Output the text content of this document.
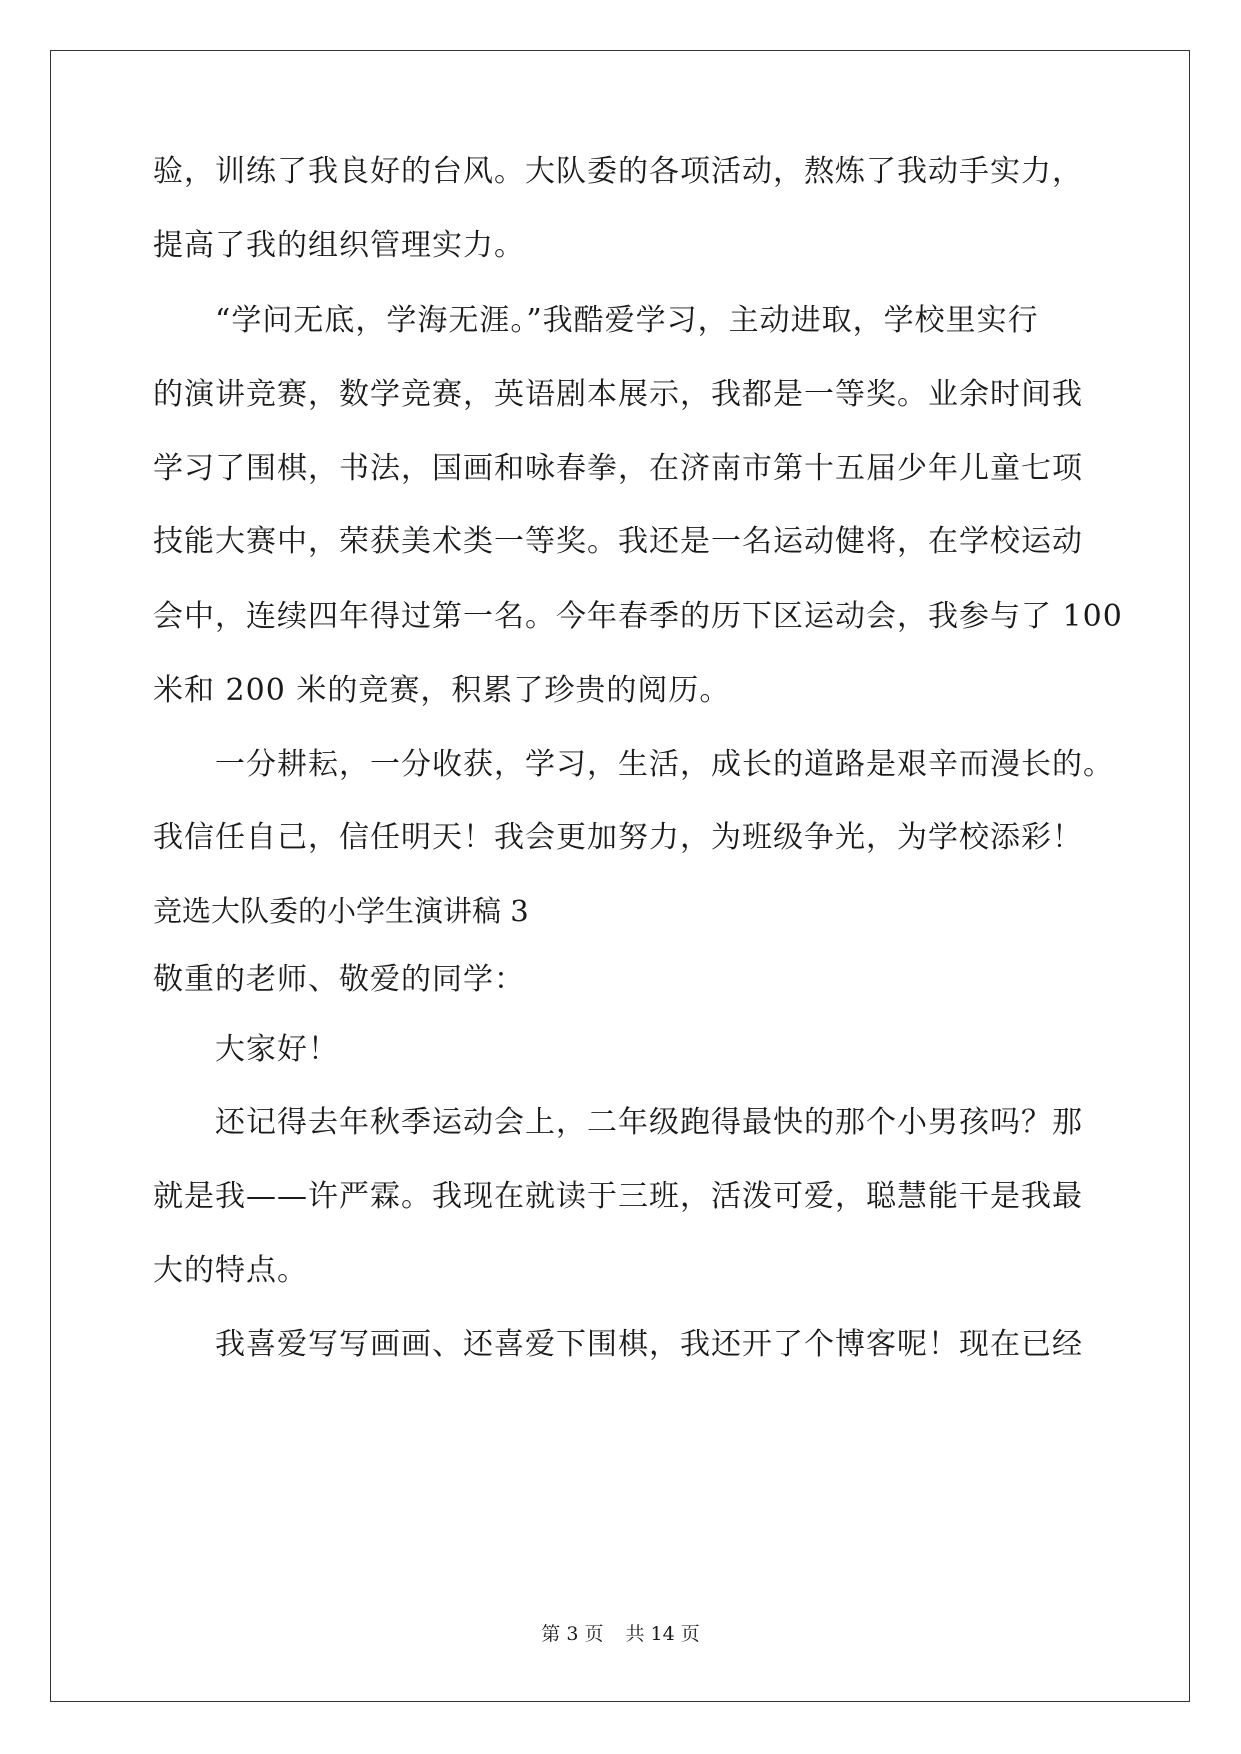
验，训练了我良好的台风。大队委的各项活动，熬炼了我动手实力，
提高了我的组织管理实力。
“学问无底，学海无涯。”我酷爱学习，主动进取，学校里实行
的演讲竞赛，数学竞赛，英语剧本展示，我都是一等奖。业余时间我
学习了围棋，书法，国画和咏春拳，在济南市第十五届少年儿童七项
技能大赛中，荣获美术类一等奖。我还是一名运动健将，在学校运动
会中，连续四年得过第一名。今年春季的历下区运动会，我参与了 100
米和 200 米的竞赛，积累了珍贵的阅历。
一分耕耘，一分收获，学习，生活，成长的道路是艰辛而漫长的。
我信任自己，信任明天！我会更加努力，为班级争光，为学校添彩！
竞选大队委的小学生演讲稿 3
敬重的老师、敬爱的同学：
大家好！
还记得去年秋季运动会上，二年级跑得最快的那个小男孩吗？那
就是我——许严霖。我现在就读于三班，活泼可爱，聪慧能干是我最
大的特点。
我喜爱写写画画、还喜爱下围棋，我还开了个博客呢！现在已经
第 3 页 共 14 页
